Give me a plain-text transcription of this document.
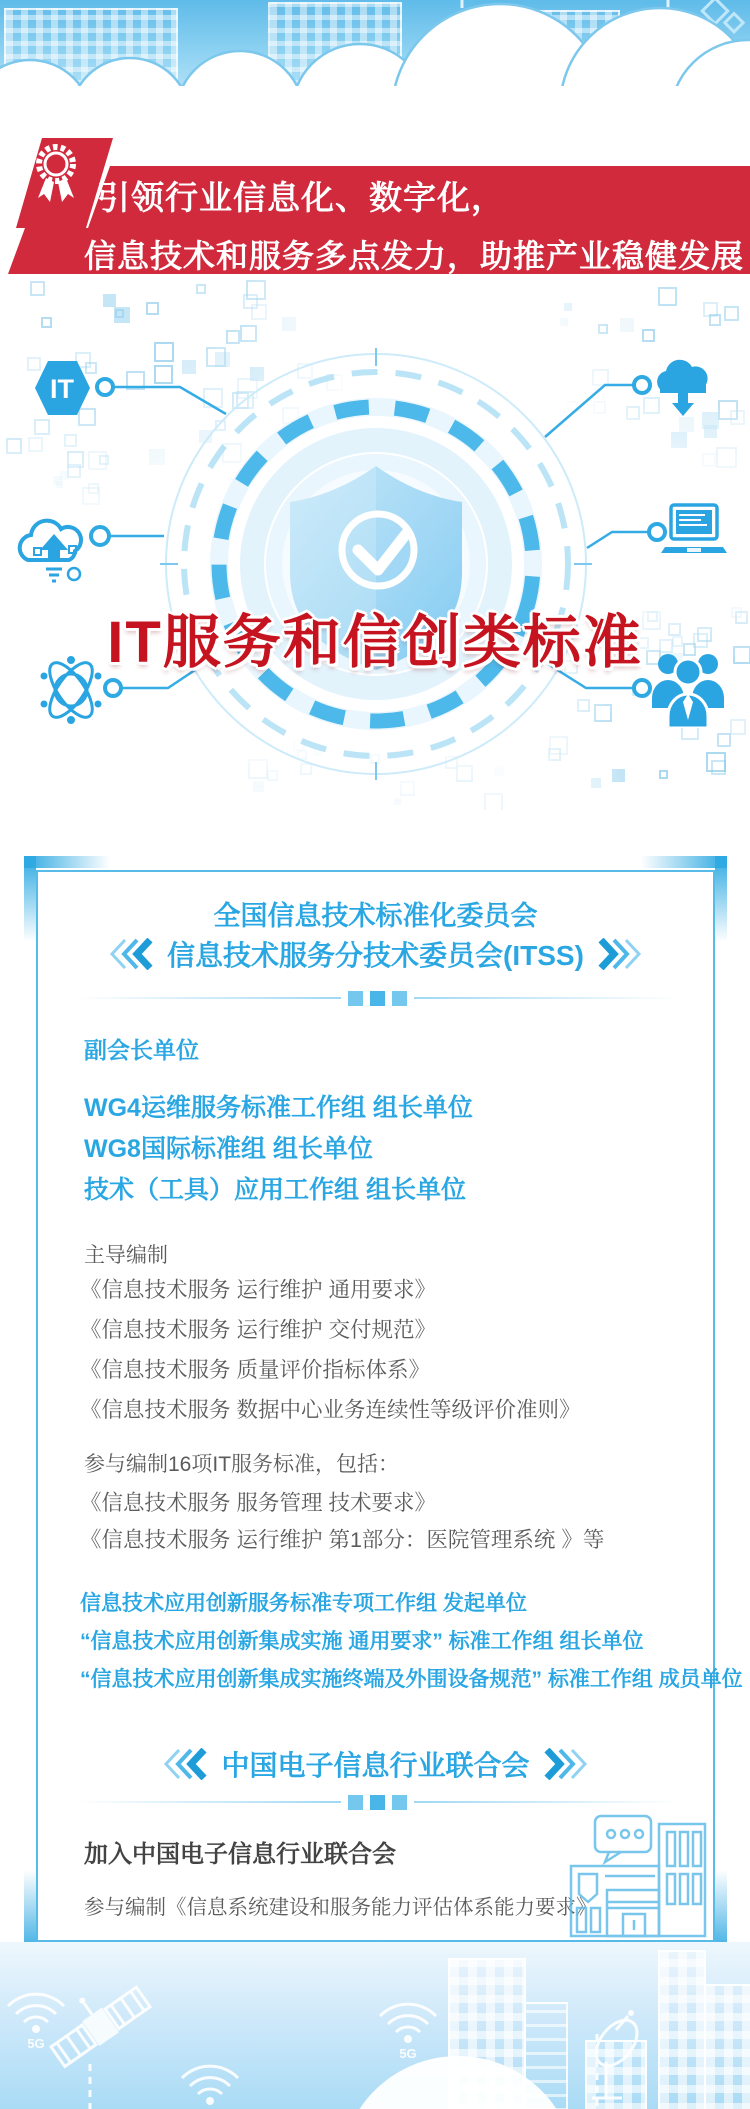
引领行业信息化、数字化，
信息技术和服务多点发力，助推产业稳健发展
IT
IT服务和信创类标准
全国信息技术标准化委员会
信息技术服务分技术委员会(ITSS)
副会长单位
WG4运维服务标准工作组 组长单位
WG8国际标准组 组长单位
技术（工具）应用工作组 组长单位
主导编制
《信息技术服务 运行维护 通用要求》
《信息技术服务 运行维护 交付规范》
《信息技术服务 质量评价指标体系》
《信息技术服务 数据中心业务连续性等级评价准则》
参与编制16项IT服务标准，包括：
《信息技术服务 服务管理 技术要求》
《信息技术服务 运行维护 第1部分：医院管理系统 》等
信息技术应用创新服务标准专项工作组 发起单位
“信息技术应用创新集成实施 通用要求” 标准工作组 组长单位
“信息技术应用创新集成实施终端及外围设备规范” 标准工作组 成员单位
中国电子信息行业联合会
加入中国电子信息行业联合会
参与编制《信息系统建设和服务能力评估体系能力要求》
5G
5G
